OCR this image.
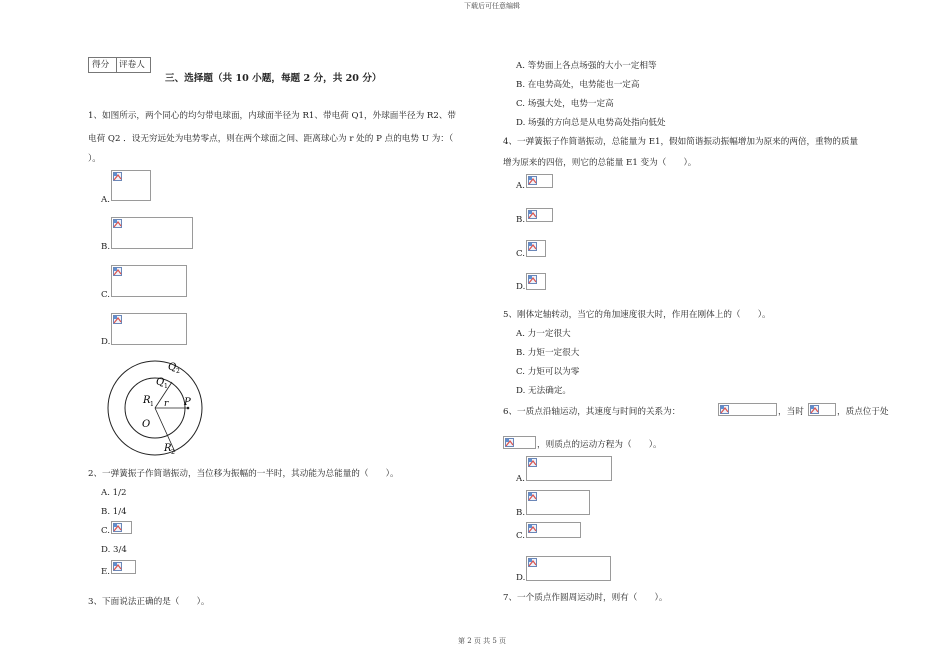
下载后可任意编辑
第 2 页 共 5 页
得分 评卷人
三、选择题（共 10 小题，每题 2 分，共 20 分）
1、如图所示，两个同心的均匀带电球面，内球面半径为 R1、带电荷 Q1，外球面半径为 R2、带
电荷 Q2 ．设无穷远处为电势零点，则在两个球面之间、距离球心为 r 处的 P 点的电势 U 为：（
）。
A.
B.
C.
D.
Q 2
Q 1
R 1 r P
O
R 2
2、一弹簧振子作简谐振动，当位移为振幅的一半时，其动能为总能量的（　　）。
A. 1/2
B. 1/4
C.
D. 3/4
E.
3、下面说法正确的是（　　）。
A. 等势面上各点场强的大小一定相等
B. 在电势高处，电势能也一定高
C. 场强大处，电势一定高
D. 场强的方向总是从电势高处指向低处
4、一弹簧振子作简谐振动，总能量为 E1，假如简谐振动振幅增加为原来的两倍，重物的质量
增为原来的四倍，则它的总能量 E1 变为（　　）。
A.
B.
C.
D.
5、刚体定轴转动，当它的角加速度很大时，作用在刚体上的（　　）。
A. 力一定很大
B. 力矩一定很大
C. 力矩可以为零
D. 无法确定。
6、一质点沿轴运动，其速度与时间的关系为：	，当时	，质点位于处
，则质点的运动方程为（　　）。
A.
B.
C.
D.
7、一个质点作圆周运动时，则有（　　）。
